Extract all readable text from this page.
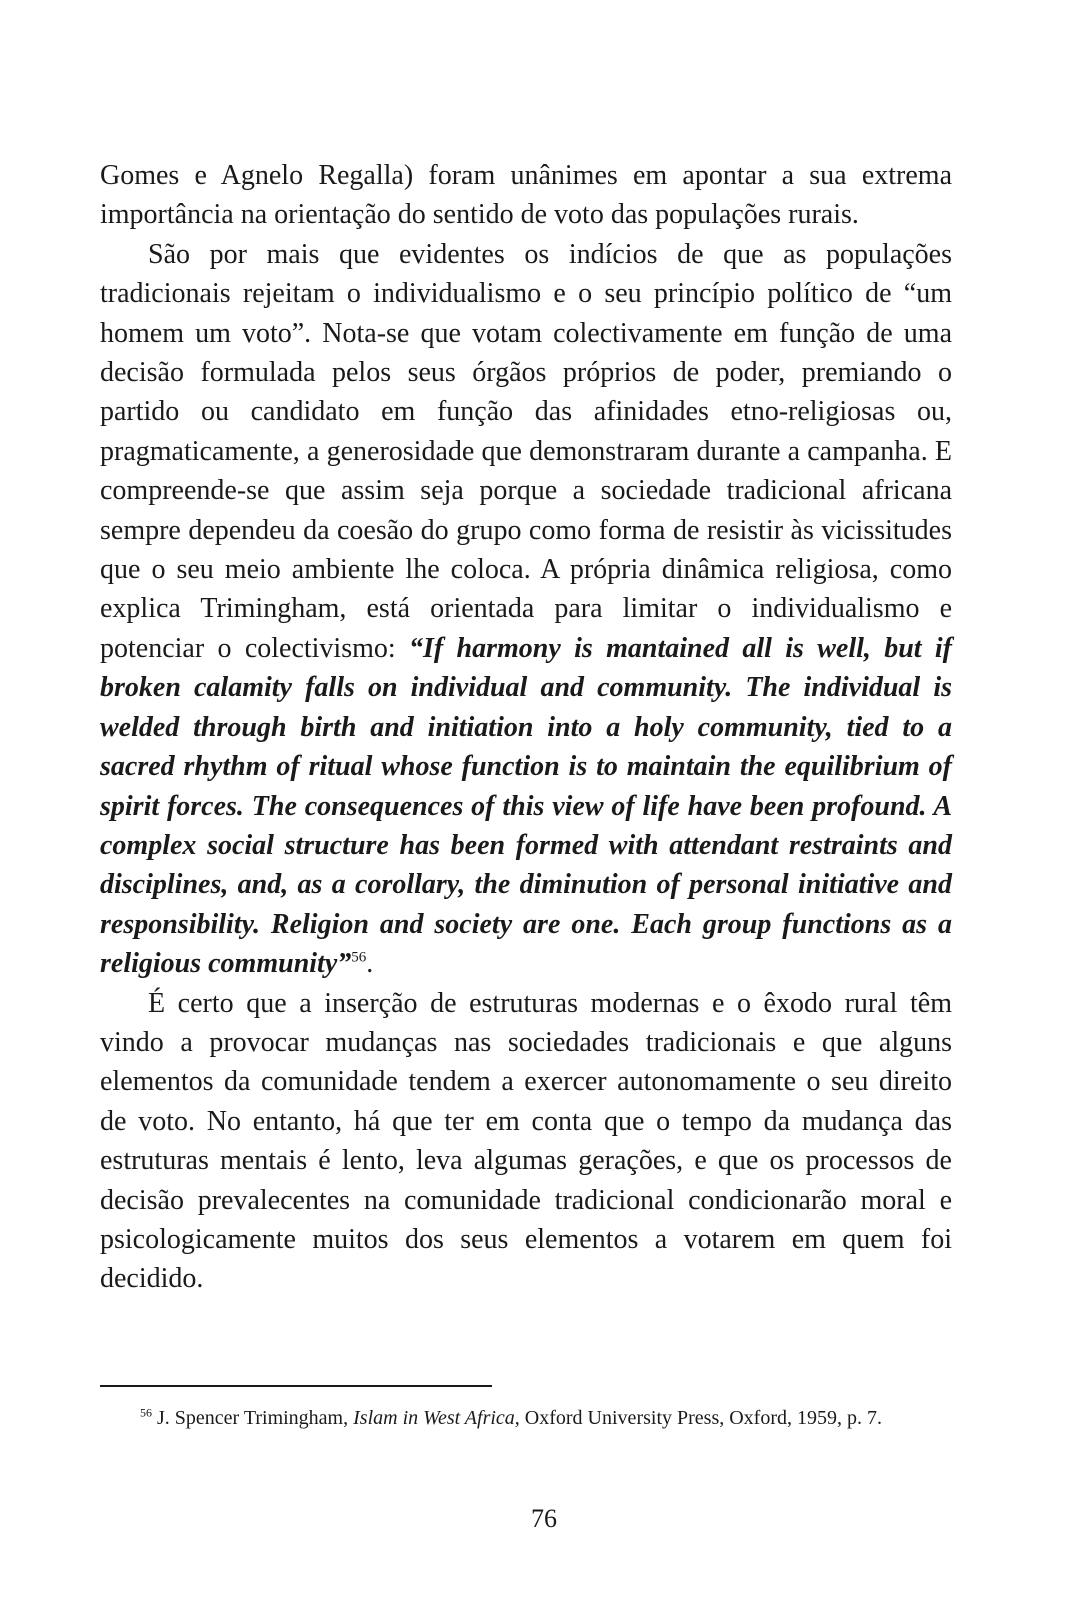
Gomes e Agnelo Regalla) foram unânimes em apontar a sua extrema importância na orientação do sentido de voto das populações rurais.

São por mais que evidentes os indícios de que as populações tradicionais rejeitam o individualismo e o seu princípio político de “um homem um voto”. Nota-se que votam colectivamente em função de uma decisão formulada pelos seus órgãos próprios de poder, premiando o partido ou candidato em função das afinidades etno-religiosas ou, pragmaticamente, a generosidade que demonstraram durante a campanha. E compreende-se que assim seja porque a sociedade tradicional africana sempre dependeu da coesão do grupo como forma de resistir às vicissitudes que o seu meio ambiente lhe coloca. A própria dinâmica religiosa, como explica Trimingham, está orientada para limitar o individualismo e potenciar o colectivismo: “If harmony is mantained all is well, but if broken calamity falls on individual and community. The individual is welded through birth and initiation into a holy community, tied to a sacred rhythm of ritual whose function is to maintain the equilibrium of spirit forces. The consequences of this view of life have been profound. A complex social structure has been formed with attendant restraints and disciplines, and, as a corollary, the diminution of personal initiative and responsibility. Religion and society are one. Each group functions as a religious community”$^{56}$.

É certo que a inserção de estruturas modernas e o êxodo rural têm vindo a provocar mudanças nas sociedades tradicionais e que alguns elementos da comunidade tendem a exercer autonomamente o seu direito de voto. No entanto, há que ter em conta que o tempo da mudança das estruturas mentais é lento, leva algumas gerações, e que os processos de decisão prevalecentes na comunidade tradicional condicionarão moral e psicologicamente muitos dos seus elementos a votarem em quem foi decidido.

$^{56}$ J. Spencer Trimingham, Islam in West Africa, Oxford University Press, Oxford, 1959, p. 7.
76
